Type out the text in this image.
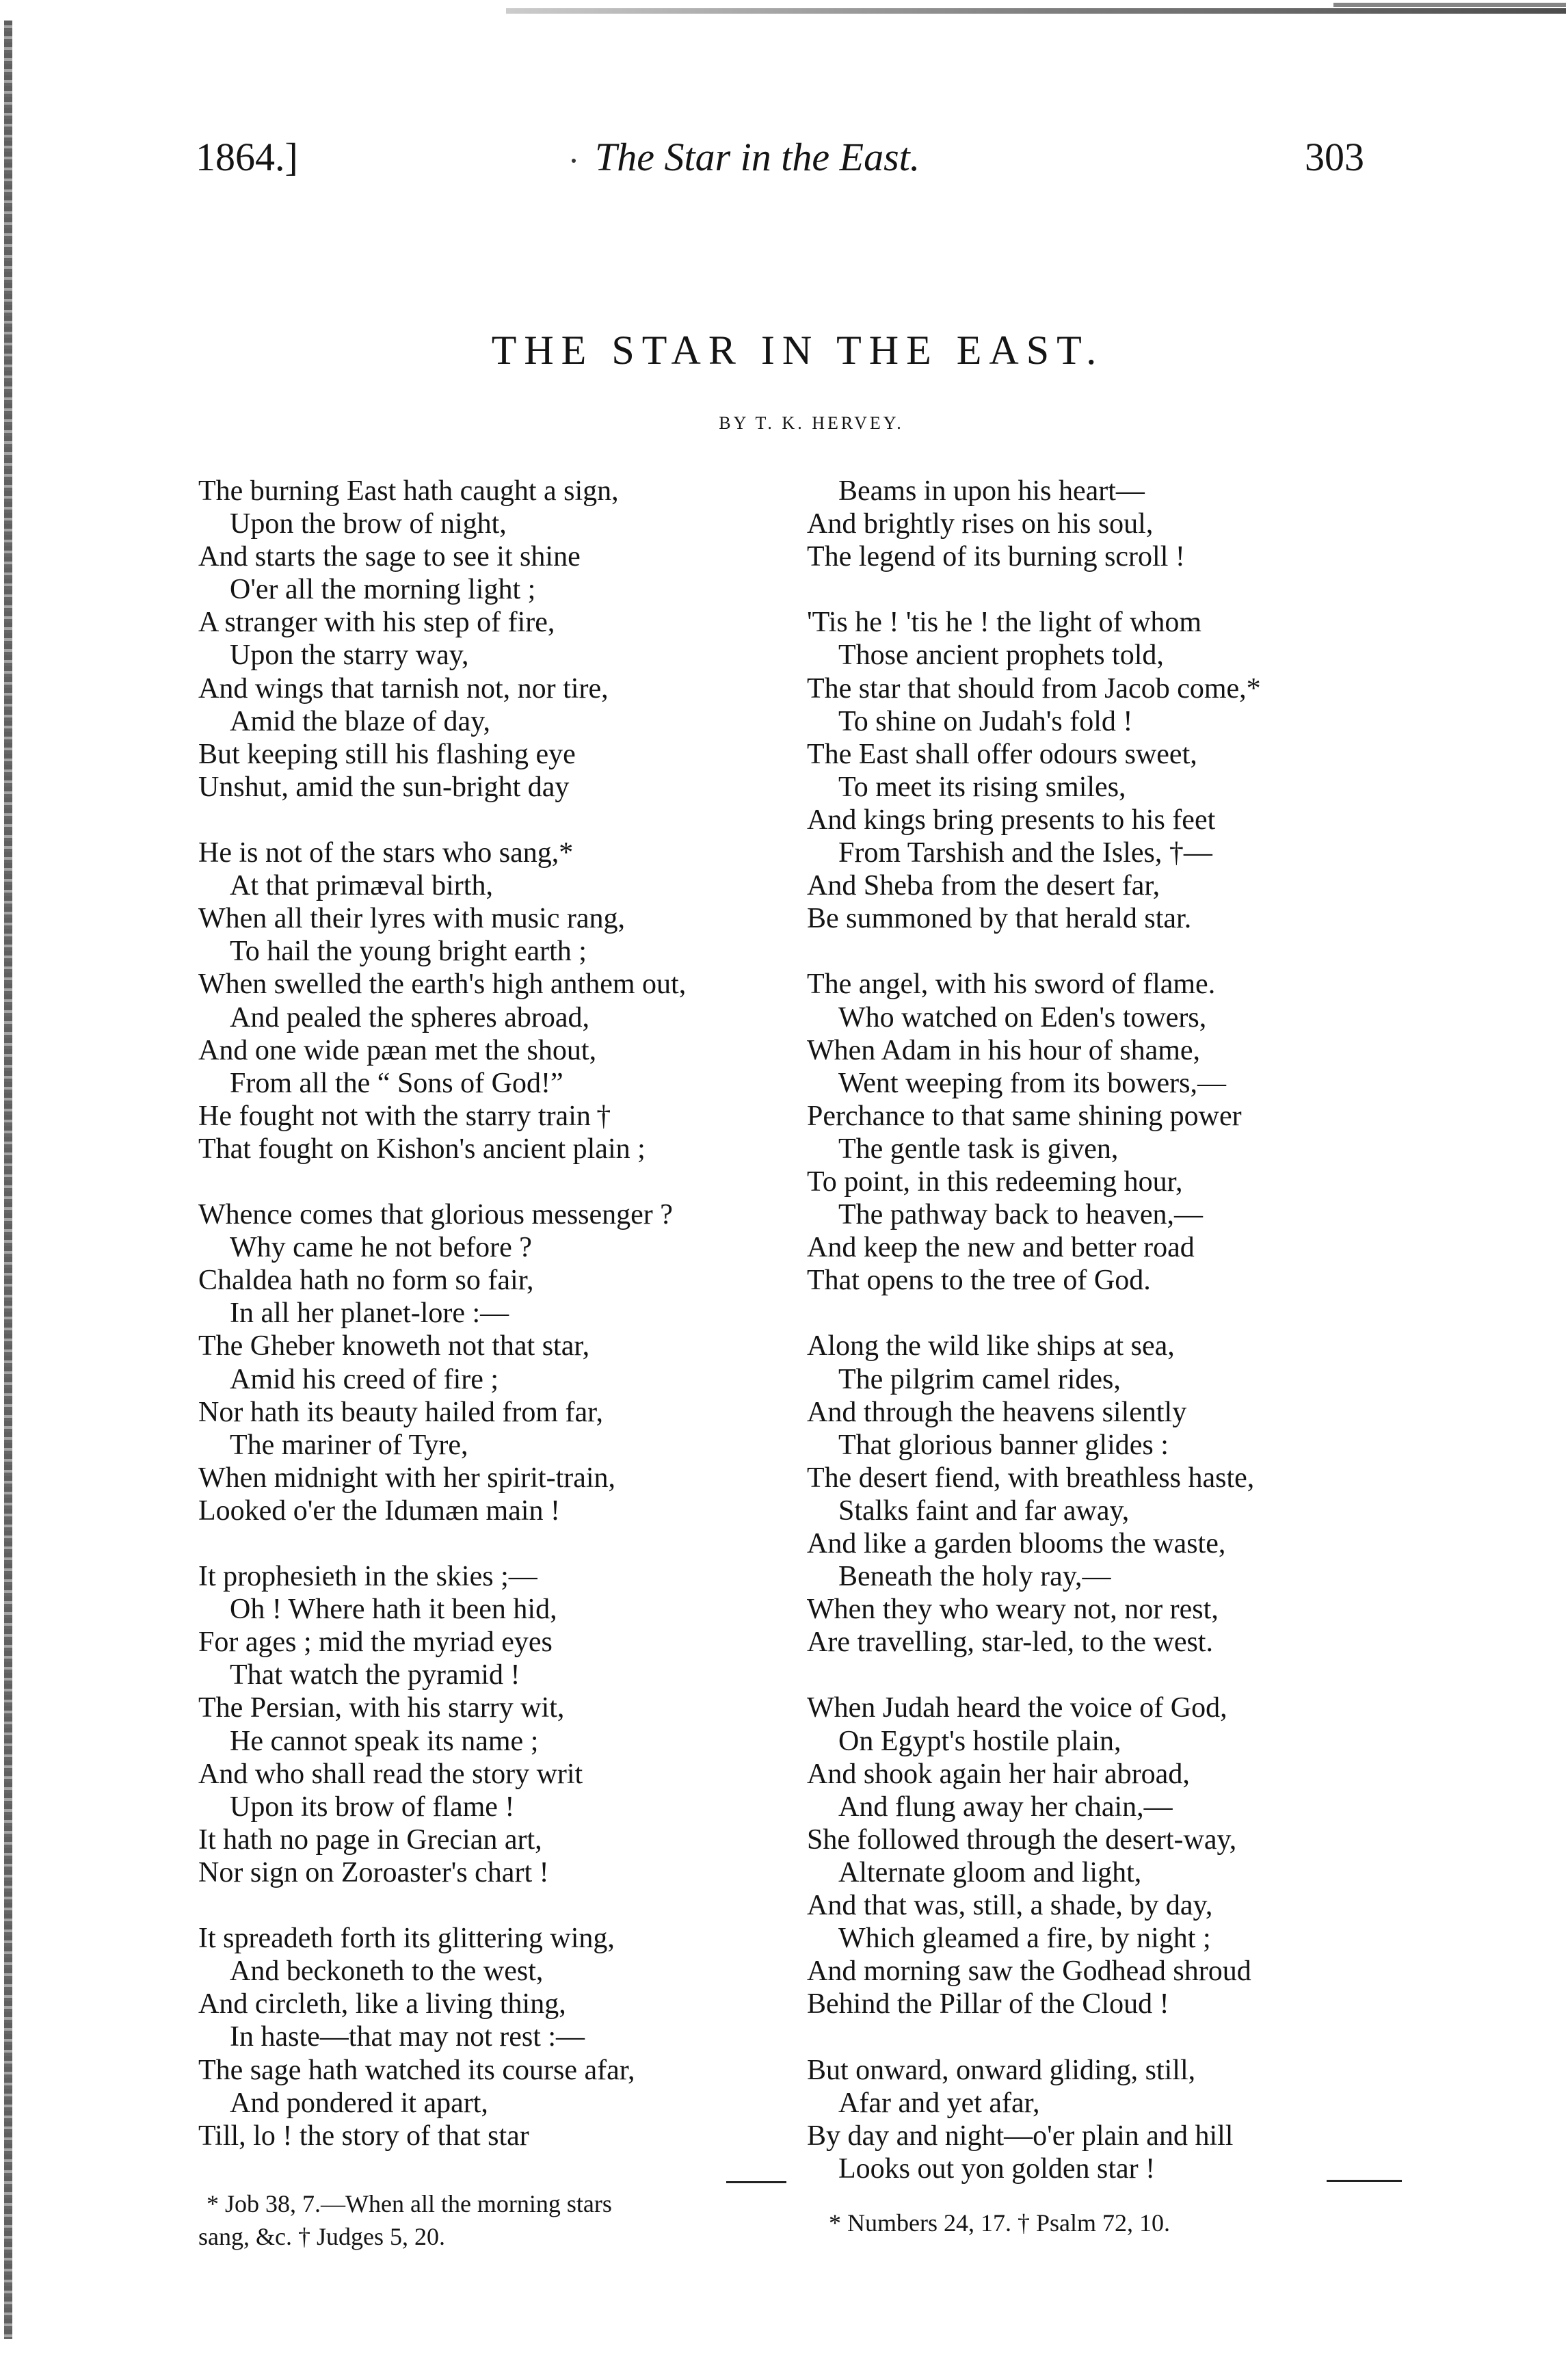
1864.]	The Star in the East.	303
THE STAR IN THE EAST.
BY T. K. HERVEY.
The burning East hath caught a sign,
Upon the brow of night,
And starts the sage to see it shine
O'er all the morning light ;
A stranger with his step of fire,
Upon the starry way,
And wings that tarnish not, nor tire,
Amid the blaze of day,
But keeping still his flashing eye
Unshut, amid the sun-bright day
He is not of the stars who sang,*
At that primæval birth,
When all their lyres with music rang,
To hail the young bright earth ;
When swelled the earth's high anthem out,
And pealed the spheres abroad,
And one wide pæan met the shout,
From all the “ Sons of God!”
He fought not with the starry train †
That fought on Kishon's ancient plain ;
Whence comes that glorious messenger ?
Why came he not before ?
Chaldea hath no form so fair,
In all her planet-lore :—
The Gheber knoweth not that star,
Amid his creed of fire ;
Nor hath its beauty hailed from far,
The mariner of Tyre,
When midnight with her spirit-train,
Looked o'er the Idumæn main !
It prophesieth in the skies ;—
Oh ! Where hath it been hid,
For ages ; mid the myriad eyes
That watch the pyramid !
The Persian, with his starry wit,
He cannot speak its name ;
And who shall read the story writ
Upon its brow of flame !
It hath no page in Grecian art,
Nor sign on Zoroaster's chart !
It spreadeth forth its glittering wing,
And beckoneth to the west,
And circleth, like a living thing,
In haste—that may not rest :—
The sage hath watched its course afar,
And pondered it apart,
Till, lo ! the story of that star
Beams in upon his heart—
And brightly rises on his soul,
The legend of its burning scroll !
'Tis he ! 'tis he ! the light of whom
Those ancient prophets told,
The star that should from Jacob come,*
To shine on Judah's fold !
The East shall offer odours sweet,
To meet its rising smiles,
And kings bring presents to his feet
From Tarshish and the Isles, †—
And Sheba from the desert far,
Be summoned by that herald star.
The angel, with his sword of flame.
Who watched on Eden's towers,
When Adam in his hour of shame,
Went weeping from its bowers,—
Perchance to that same shining power
The gentle task is given,
To point, in this redeeming hour,
The pathway back to heaven,—
And keep the new and better road
That opens to the tree of God.
Along the wild like ships at sea,
The pilgrim camel rides,
And through the heavens silently
That glorious banner glides :
The desert fiend, with breathless haste,
Stalks faint and far away,
And like a garden blooms the waste,
Beneath the holy ray,—
When they who weary not, nor rest,
Are travelling, star-led, to the west.
When Judah heard the voice of God,
On Egypt's hostile plain,
And shook again her hair abroad,
And flung away her chain,—
She followed through the desert-way,
Alternate gloom and light,
And that was, still, a shade, by day,
Which gleamed a fire, by night ;
And morning saw the Godhead shroud
Behind the Pillar of the Cloud !
But onward, onward gliding, still,
Afar and yet afar,
By day and night—o'er plain and hill
Looks out yon golden star !
* Job 38, 7.—When all the morning stars
sang, &c. † Judges 5, 20.	* Numbers 24, 17. † Psalm 72, 10.
